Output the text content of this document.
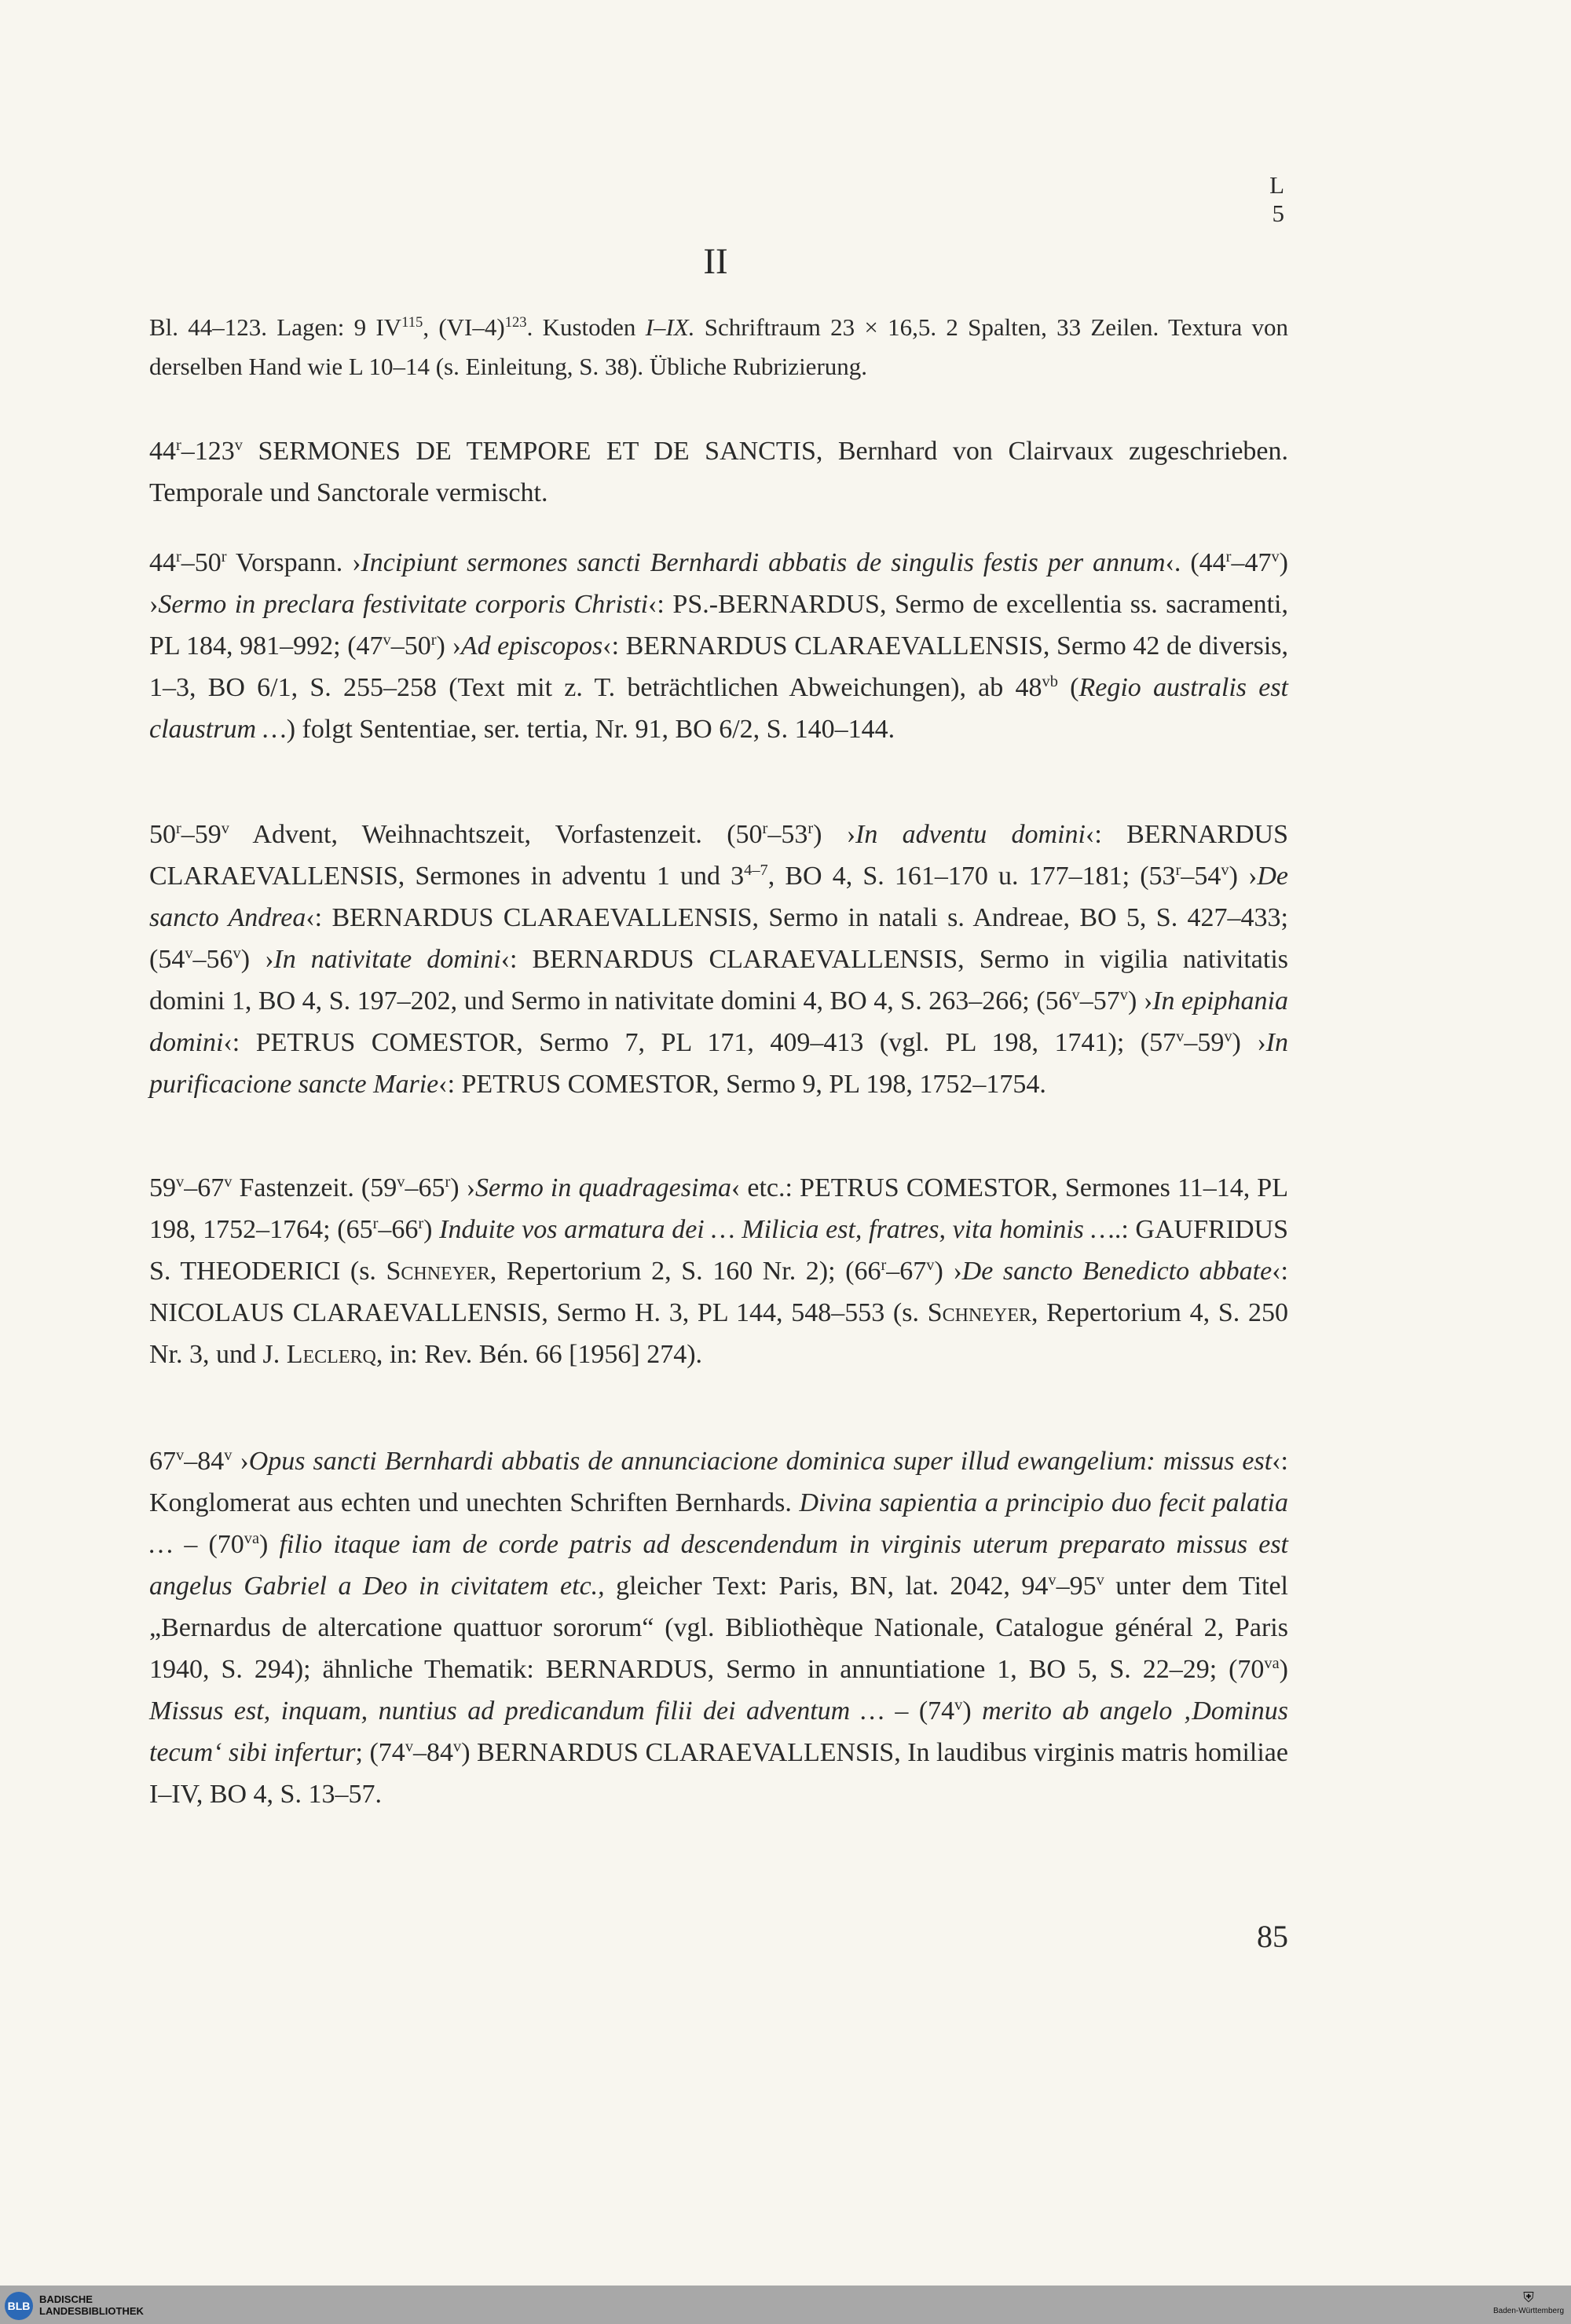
L 5
II

Bl. 44–123. Lagen: 9 IV$^{115}$, $(VI-4)^{123}$. Kustoden I–IX. Schriftraum 23 × 16,5. 2 Spalten, 33 Zeilen. Textura von derselben Hand wie L 10–14 (s. Einleitung, S. 38). Übliche Rubrizierung.

44$^r$–123$^v$ SERMONES DE TEMPORE ET DE SANCTIS, Bernhard von Clairvaux zugeschrieben. Temporale und Sanctorale vermischt.

44$^r$–50$^r$ Vorspann. ›Incipiunt sermones sancti Bernhardi abbatis de singulis festis per annum‹. (44$^r$–47$^v$) ›Sermo in preclara festivitate corporis Christi‹: PS.-BERNARDUS, Sermo de excellentia ss. sacramenti, PL 184, 981–992; (47$^v$–50$^r$) ›Ad episcopos‹: BERNARDUS CLARAEVALLENSIS, Sermo 42 de diversis, 1–3, BO 6/1, S. 255–258 (Text mit z. T. beträchtlichen Abweichungen), ab $48^{vb}$ (Regio australis est claustrum …) folgt Sententiae, ser. tertia, Nr. 91, BO 6/2, S. 140–144.

50$^r$–59$^v$ Advent, Weihnachtszeit, Vorfastenzeit. (50$^r$–53$^r$) ›In adventu domini‹: BERNARDUS CLARAEVALLENSIS, Sermones in adventu 1 und 3$^{4-7}$, BO 4, S. 161–170 u. 177–181; (53$^r$–54$^v$) ›De sancto Andrea‹: BERNARDUS CLARAEVALLENSIS, Sermo in natali s. Andreae, BO 5, S. 427–433; (54$^v$–56$^v$) ›In nativitate domini‹: BERNARDUS CLARAEVALLENSIS, Sermo in vigilia nativitatis domini 1, BO 4, S. 197–202, und Sermo in nativitate domini 4, BO 4, S. 263–266; (56$^v$–57$^v$) ›In epiphania domini‹: PETRUS COMESTOR, Sermo 7, PL 171, 409–413 (vgl. PL 198, 1741); (57$^v$–59$^v$) ›In purificacione sancte Marie‹: PETRUS COMESTOR, Sermo 9, PL 198, 1752–1754.

59$^v$–67$^v$ Fastenzeit. (59$^v$–65$^r$) ›Sermo in quadragesima‹ etc.: PETRUS COMESTOR, Sermones 11–14, PL 198, 1752–1764; (65$^r$–66$^r$) Induite vos armatura dei … Milicia est, fratres, vita hominis ….: GAUFRIDUS S. THEODERICI (s. Schneyer, Repertorium 2, S. 160 Nr. 2); (66$^r$–67$^v$) ›De sancto Benedicto abbate‹: NICOLAUS CLARAEVALLENSIS, Sermo H. 3, PL 144, 548–553 (s. Schneyer, Repertorium 4, S. 250 Nr. 3, und J. Leclerq, in: Rev. Bén. 66 [1956] 274).

67$^v$–84$^v$ ›Opus sancti Bernhardi abbatis de annunciacione dominica super illud ewangelium: missus est‹: Konglomerat aus echten und unechten Schriften Bernhards. Divina sapientia a principio duo fecit palatia … – $(70^{va})$ filio itaque iam de corde patris ad descendendum in virginis uterum preparato missus est angelus Gabriel a Deo in civitatem etc., gleicher Text: Paris, BN, lat. 2042, 94$^v$–95$^v$ unter dem Titel „Bernardus de altercatione quattuor sororum“ (vgl. Bibliothèque Nationale, Catalogue général 2, Paris 1940, S. 294); ähnliche Thematik: BERNARDUS, Sermo in annuntiatione 1, BO 5, S. 22–29; $(70^{va})$ Missus est, inquam, nuntius ad predicandum filii dei adventum … – (74$^v$) merito ab angelo ‚Dominus tecum‘ sibi infertur; (74$^v$–84$^v$) BERNARDUS CLARAEVALLENSIS, In laudibus virginis matris homiliae I–IV, BO 4, S. 13–57.

85
BLB
BADISCHE
LANDESBIBLIOTHEK
⛨
Baden-Württemberg
